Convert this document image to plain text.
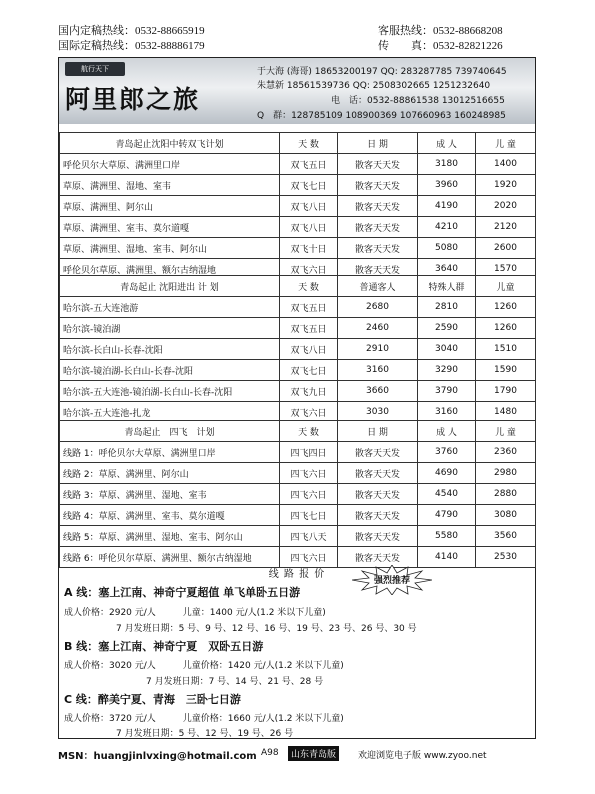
国内定稿热线：0532-88665919
国际定稿热线：0532-88886179
客服热线：0532-88668208
传　　真：0532-82821226
航行天下
阿里郎之旅
于大海 (海哥) 18653200197 QQ: 283287785 739740645
朱慧新 18561539736 QQ: 2508302665 1251232640
电　话：0532-88861538 13012516655
Q　群：128785109 108900369 107660963 160248985
青岛起止沈阳中转双飞计划	天 数	日 期	成 人	儿 童
呼伦贝尔大草原、满洲里口岸	双飞五日	散客天天发	3180	1400
草原、满洲里、湿地、室韦	双飞七日	散客天天发	3960	1920
草原、满洲里、阿尔山	双飞八日	散客天天发	4190	2020
草原、满洲里、室韦、莫尔道嘎	双飞八日	散客天天发	4210	2120
草原、满洲里、湿地、室韦、阿尔山	双飞十日	散客天天发	5080	2600
呼伦贝尔草原、满洲里、额尔古纳湿地	双飞六日	散客天天发	3640	1570
青岛起止 沈阳进出 计 划	天 数	普通客人	特殊人群	儿童
哈尔滨-五大连池游	双飞五日	2680	2810	1260
哈尔滨-镜泊湖	双飞五日	2460	2590	1260
哈尔滨-长白山-长春-沈阳	双飞八日	2910	3040	1510
哈尔滨-镜泊湖-长白山-长春-沈阳	双飞七日	3160	3290	1590
哈尔滨-五大连池-镜泊湖-长白山-长春-沈阳	双飞九日	3660	3790	1790
哈尔滨-五大连池-扎龙	双飞六日	3030	3160	1480
青岛起止　四飞　计划	天 数	日 期	成 人	儿 童
线路 1：呼伦贝尔大草原、满洲里口岸	四飞四日	散客天天发	3760	2360
线路 2：草原、满洲里、阿尔山	四飞六日	散客天天发	4690	2980
线路 3：草原、满洲里、湿地、室韦	四飞六日	散客天天发	4540	2880
线路 4：草原、满洲里、室韦、莫尔道嘎	四飞七日	散客天天发	4790	3080
线路 5：草原、满洲里、湿地、室韦、阿尔山	四飞八天	散客天天发	5580	3560
线路 6：呼伦贝尔草原、满洲里、额尔古纳湿地	四飞六日	散客天天发	4140	2530
线 路 报 价
强烈推荐
A 线：塞上江南、神奇宁夏超值 单飞单卧五日游
成人价格：2920 元/人　　　儿童：1400 元/人(1.2 米以下儿童)
7 月发班日期：5 号、9 号、12 号、16 号、19 号、23 号、26 号、30 号
B 线：塞上江南、神奇宁夏　双卧五日游
成人价格：3020 元/人　　　儿童价格：1420 元/人(1.2 米以下儿童)
7 月发班日期：7 号、14 号、21 号、28 号
C 线：醉美宁夏、青海　三卧七日游
成人价格：3720 元/人　　　儿童价格：1660 元/人(1.2 米以下儿童)
7 月发班日期：5 号、12 号、19 号、26 号
MSN：huangjinlvxing@hotmail.com A98	山东青岛版	欢迎浏览电子版 www.zyoo.net
